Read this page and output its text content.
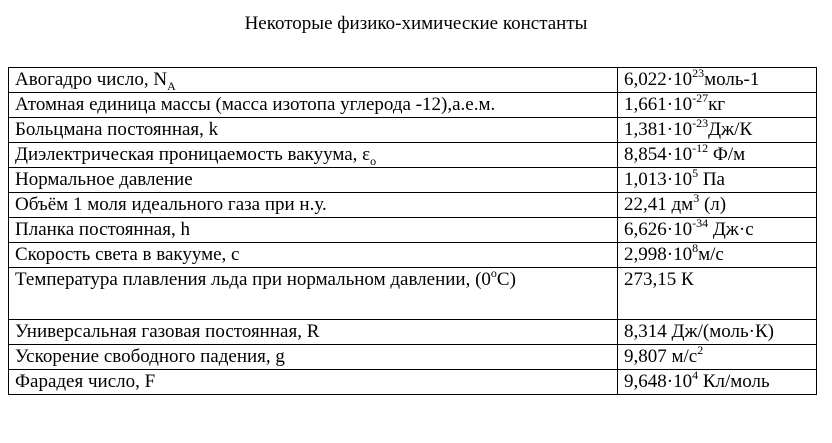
Некоторые физико-химические константы
Авогадро число, $N_A$	$6,022\cdot 10^{23}моль-1$
Атомная единица массы (масса изотопа углерода -12),а.е.м.	$1,661\cdot 10^{-27}кг$
Больцмана постоянная, k	$1,381\cdot 10^{-23}Дж/К$
Диэлектрическая проницаемость вакуума, $\varepsilon_o$	$8,854\cdot 10^{-12}$ Ф/м
Нормальное давление	$1,013\cdot 10^5$ Па
Объём 1 моля идеального газа при н.у.	22,41 $дм^3$ (л)
Планка постоянная, h	$6,626\cdot 10^{-34}$ Дж·с
Скорость света в вакууме, с	$2,998\cdot 10^8м/с$
Температура плавления льда при нормальном давлении, $(0^оС)$	273,15 К
Универсальная газовая постоянная, R	8,314 Дж/(моль·К)
Ускорение свободного падения, g	9,807 $м/с^2$
Фарадея число, F	$9,648\cdot 10^4$ Кл/моль
